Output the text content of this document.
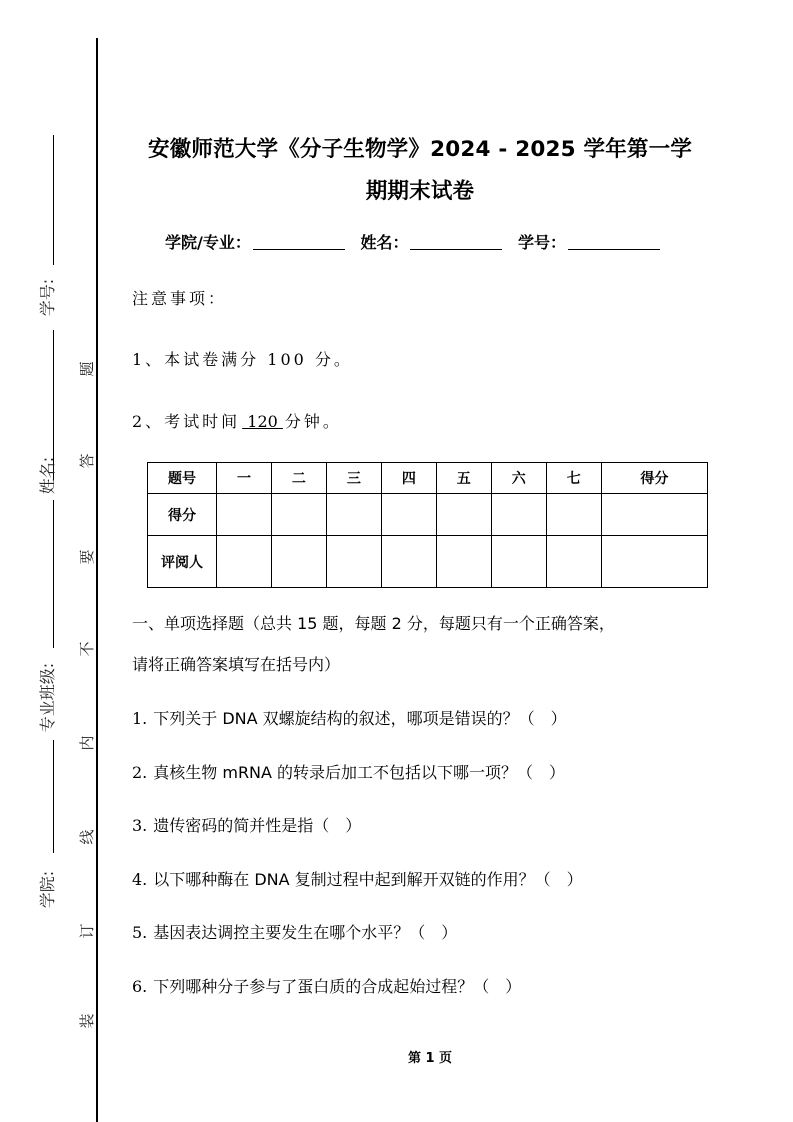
学号:
姓名:
专业班级:
学院:
题
答
要
不
内
线
订
装
安徽师范大学《分子生物学》2024 - 2025 学年第一学
期期末试卷
学院/专业：	姓名：	学号：
注意事项：
1、本试卷满分 100 分。
2、考试时间 120 分钟。
题号	一	二	三	四	五	六	七	得分
得分								
评阅人								
一、单项选择题（总共 15 题，每题 2 分，每题只有一个正确答案，
请将正确答案填写在括号内）
1. 下列关于 DNA 双螺旋结构的叙述，哪项是错误的？（　）
2. 真核生物 mRNA 的转录后加工不包括以下哪一项？（　）
3. 遗传密码的简并性是指（　）
4. 以下哪种酶在 DNA 复制过程中起到解开双链的作用？（　）
5. 基因表达调控主要发生在哪个水平？（　）
6. 下列哪种分子参与了蛋白质的合成起始过程？（　）
第 1 页
